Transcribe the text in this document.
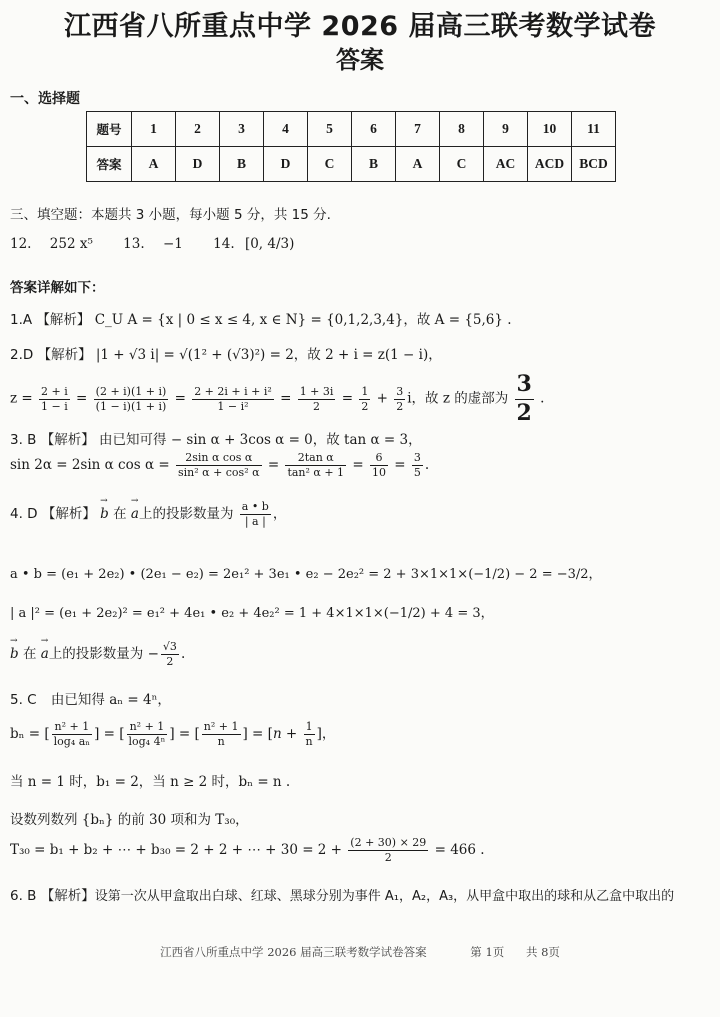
江西省八所重点中学 2026 届高三联考数学试卷
答案
一、选择题
题号	1	2	3	4	5	6	7	8	9	10	11
答案	A	D	B	D	C	B	A	C	AC	ACD	BCD
三、填空题：本题共 3 小题，每小题 5 分，共 15 分.
12. 252 x⁵ 13. −1 14. [0, 4/3)
答案详解如下：
1.A 【解析】 C_U A = {x | 0 ≤ x ≤ 4, x ∈ N} = {0,1,2,3,4}，故 A = {5,6} .
2.D 【解析】 |1 + √3 i| = √(1² + (√3)²) = 2，故 2 + i = z(1 − i)，
$z = \frac{2 + i}{1 - i} = \frac{(2 + i)(1 + i)}{(1 - i)(1 + i)} = \frac{\text{2 + 2i + i + i²}}{\text{1 − i²}} = \frac{1 + 3i}{2} = \frac{1}{2} + \frac{3}{2}$ i，故 z 的虚部为 $\frac{3}{2}$ .
3. B 【解析】 由已知可得 − sin α + 3cos α = 0，故 tan α = 3，
sin 2α = 2sin α $\cos \alpha = \frac{\text{2sin α cos α}}{\text{sin² α + cos² α}} = \frac{\text{2tan α}}{\text{tan² α + 1}} = \frac{6}{10} = \frac{3}{5}$ .
4. D 【解析】 → b 在 → a上的投影数量为 $\frac{a • b}{| a |}$ ，
a • b = (e₁ + 2e₂) • (2e₁ − e₂) = 2e₁² + 3e₁ • e₂ − 2e₂² = 2 + 3×1×1×(−1/2) − 2 = −3/2，
| a |² = (e₁ + 2e₂)² = e₁² + 4e₁ • e₂ + 4e₂² = 1 + 4×1×1×(−1/2) + 4 = 3，
→ b 在 → a上的投影数量为 − $\frac{√3}{2}$ .
5. C 由已知得 aₙ = 4ⁿ，
bₙ = [ $\frac{\text{n² + 1}}{\text{log₄ aₙ}}$ ] = [ $\frac{\text{n² + 1}}{\text{log₄ 4ⁿ}}$ ] = [ $\frac{\text{n² + 1}}{n}$ ] = [$n + \frac{1}{n}$ ]，
当 n = 1 时，b₁ = 2，当 n ≥ 2 时，bₙ = n .
设数列数列 {bₙ} 的前 30 项和为 T₃₀，
T₃₀ = b₁ + b₂ + ⋯ + b₃₀ = 2 + 2 + ⋯ + $30 = 2 + \frac{(2 + 30) \times 29}{2} = 466$ .
6. B 【解析】设第一次从甲盒取出白球、红球、黑球分别为事件 A₁，A₂，A₃，从甲盒中取出的球和从乙盒中取出的
江西省八所重点中学 2026 届高三联考数学试卷答案	第 1页 共 8页
